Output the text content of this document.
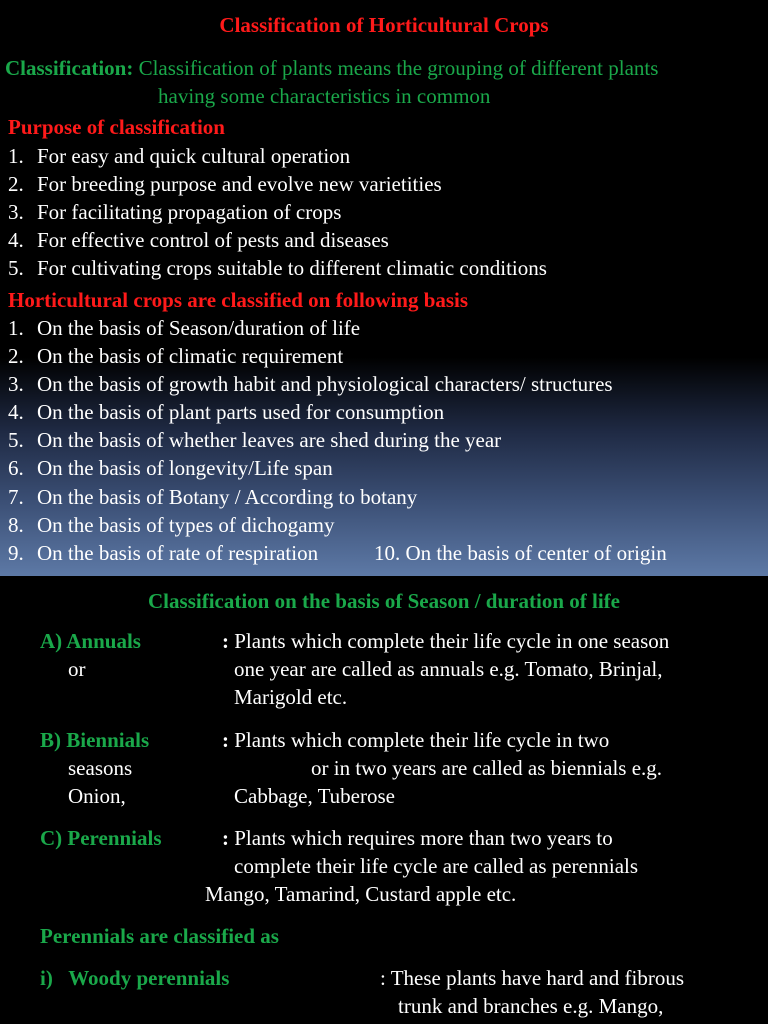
Classification of Horticultural Crops
Classification: Classification of plants means the grouping of different plants
having some characteristics in common
Purpose of classification
1. For easy and quick cultural operation
2. For breeding purpose and evolve new varietities
3. For facilitating propagation of crops
4. For effective control of pests and diseases
5. For cultivating crops suitable to different climatic conditions
Horticultural crops are classified on following basis
1. On the basis of Season/duration of life
2. On the basis of climatic requirement
3. On the basis of growth habit and physiological characters/ structures
4. On the basis of plant parts used for consumption
5. On the basis of whether leaves are shed during the year
6. On the basis of longevity/Life span
7. On the basis of Botany / According to botany
8. On the basis of types of dichogamy
9. On the basis of rate of respiration	10. On the basis of center of origin
Classification on the basis of Season / duration of life
A) Annuals	: Plants which complete their life cycle in one season
or	one year are called as annuals e.g. Tomato, Brinjal,
Marigold etc.
B) Biennials	: Plants which complete their life cycle in two
seasons	or in two years are called as biennials e.g.
Onion,	Cabbage, Tuberose
C) Perennials	: Plants which requires more than two years to
complete their life cycle are called as perennials
Mango, Tamarind, Custard apple etc.
Perennials are classified as
i)   Woody perennials	: These plants have hard and fibrous
trunk and branches e.g. Mango,
